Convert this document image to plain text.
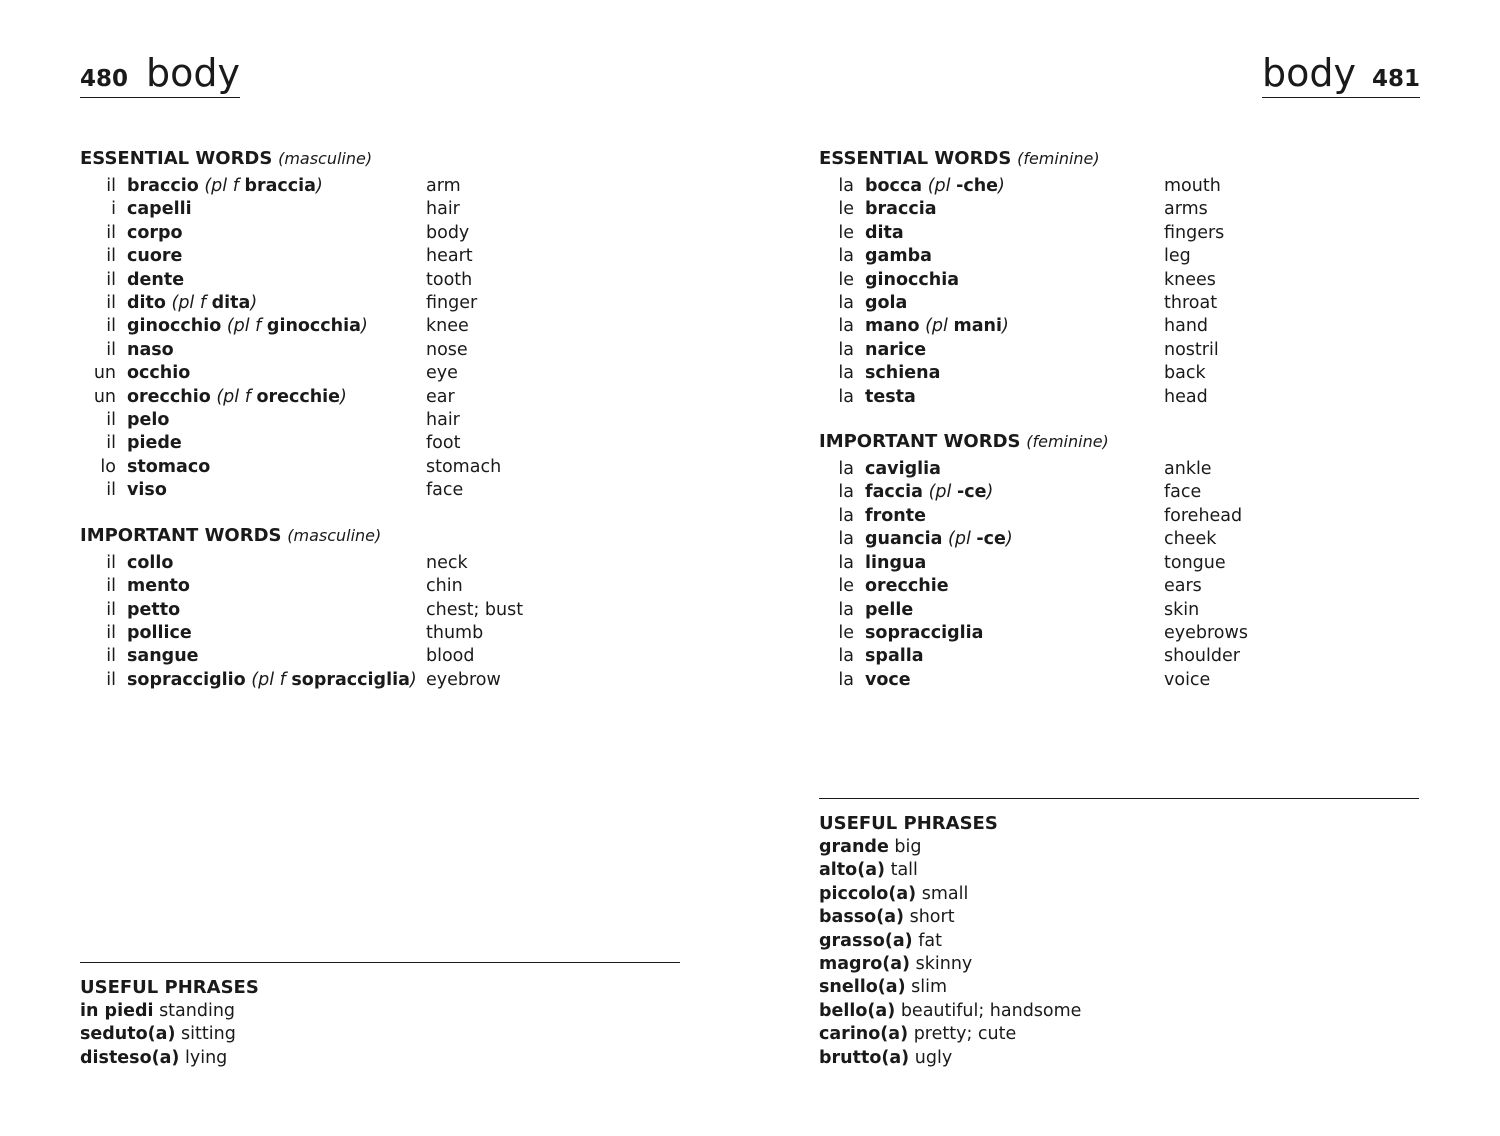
480 body	body 481
ESSENTIAL WORDS (masculine)
il braccio (pl f braccia)	arm
i capelli	hair
il corpo	body
il cuore	heart
il dente	tooth
il dito (pl f dita)	finger
il ginocchio (pl f ginocchia)	knee
il naso	nose
un occhio	eye
un orecchio (pl f orecchie)	ear
il pelo	hair
il piede	foot
lo stomaco	stomach
il viso	face
IMPORTANT WORDS (masculine)
il collo	neck
il mento	chin
il petto	chest; bust
il pollice	thumb
il sangue	blood
il sopracciglio (pl f sopracciglia) eyebrow
ESSENTIAL WORDS (feminine)
la bocca (pl -che)	mouth
le braccia	arms
le dita	fingers
la gamba	leg
le ginocchia	knees
la gola	throat
la mano (pl mani)	hand
la narice	nostril
la schiena	back
la testa	head
IMPORTANT WORDS (feminine)
la caviglia	ankle
la faccia (pl -ce)	face
la fronte	forehead
la guancia (pl -ce)	cheek
la lingua	tongue
le orecchie	ears
la pelle	skin
le sopracciglia	eyebrows
la spalla	shoulder
la voce	voice
USEFUL PHRASES
in piedi standing
seduto(a) sitting
disteso(a) lying
USEFUL PHRASES
grande big
alto(a) tall
piccolo(a) small
basso(a) short
grasso(a) fat
magro(a) skinny
snello(a) slim
bello(a) beautiful; handsome
carino(a) pretty; cute
brutto(a) ugly
